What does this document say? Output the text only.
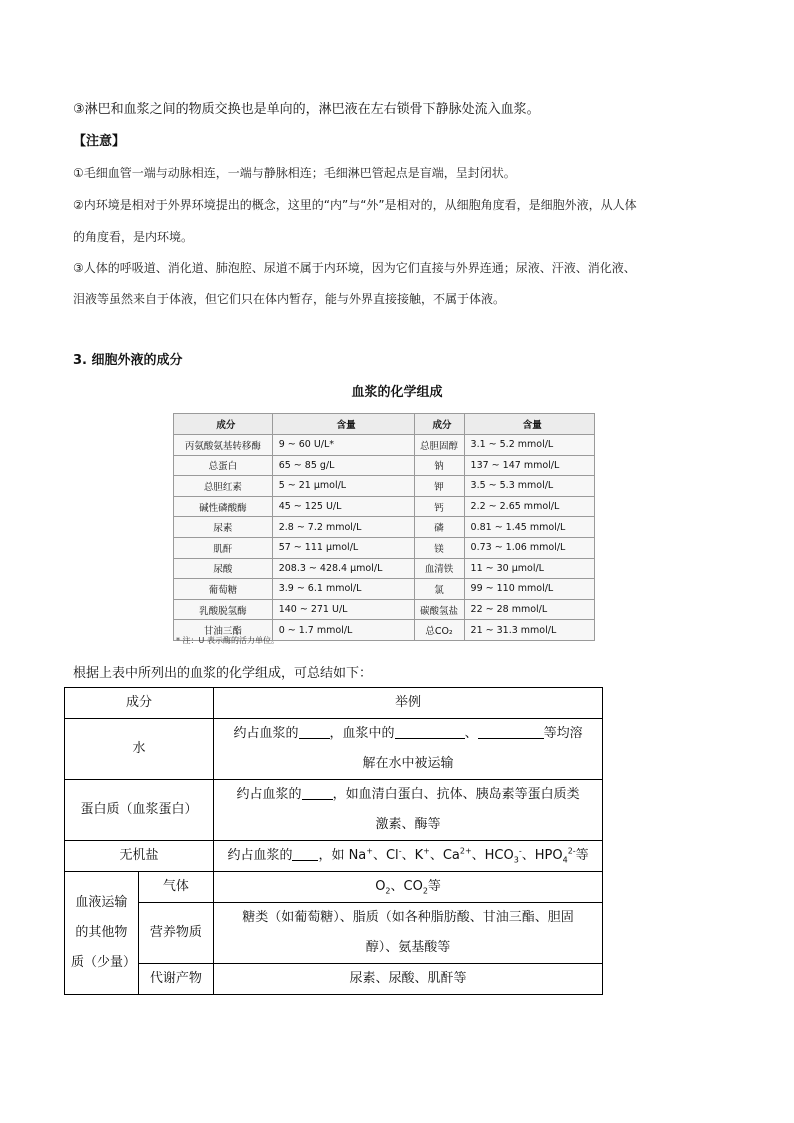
③淋巴和血浆之间的物质交换也是单向的，淋巴液在左右锁骨下静脉处流入血浆。
【注意】
①毛细血管一端与动脉相连，一端与静脉相连；毛细淋巴管起点是盲端，呈封闭状。
②内环境是相对于外界环境提出的概念，这里的“内”与“外”是相对的，从细胞角度看，是细胞外液，从人体
的角度看，是内环境。
③人体的呼吸道、消化道、肺泡腔、尿道不属于内环境，因为它们直接与外界连通；尿液、汗液、消化液、
泪液等虽然来自于体液，但它们只在体内暂存，能与外界直接接触，不属于体液。
3. 细胞外液的成分
血浆的化学组成
成分	含量	成分	含量
丙氨酸氨基转移酶	9 ~ 60 U/L*	总胆固醇	3.1 ~ 5.2 mmol/L
总蛋白	65 ~ 85 g/L	钠	137 ~ 147 mmol/L
总胆红素	5 ~ 21 μmol/L	钾	3.5 ~ 5.3 mmol/L
碱性磷酸酶	45 ~ 125 U/L	钙	2.2 ~ 2.65 mmol/L
尿素	2.8 ~ 7.2 mmol/L	磷	0.81 ~ 1.45 mmol/L
肌酐	57 ~ 111 μmol/L	镁	0.73 ~ 1.06 mmol/L
尿酸	208.3 ~ 428.4 μmol/L	血清铁	11 ~ 30 μmol/L
葡萄糖	3.9 ~ 6.1 mmol/L	氯	99 ~ 110 mmol/L
乳酸脱氢酶	140 ~ 271 U/L	碳酸氢盐	22 ~ 28 mmol/L
甘油三酯	0 ~ 1.7 mmol/L	总CO₂	21 ~ 31.3 mmol/L
* 注：U 表示酶的活力单位。
根据上表中所列出的血浆的化学组成，可总结如下：
成分		举例
水		约占血浆的 ，血浆中的 、 等均溶
解在水中被运输

蛋白质（血浆蛋白）		约占血浆的 ，如血清白蛋白、抗体、胰岛素等蛋白质类
激素、酶等

无机盐		约占血浆的 ，如 Na+、Cl-、K+、$Ca^{2+}$、$HCO_3^-$、$HPO_4^{2-}$等

血液运输
的其他物
质（少量）	气体	$O_2$、$CO_2$等
	营养物质	糖类（如葡萄糖）、脂质（如各种脂肪酸、甘油三酯、胆固
醇）、氨基酸等

	代谢产物	尿素、尿酸、肌酐等
